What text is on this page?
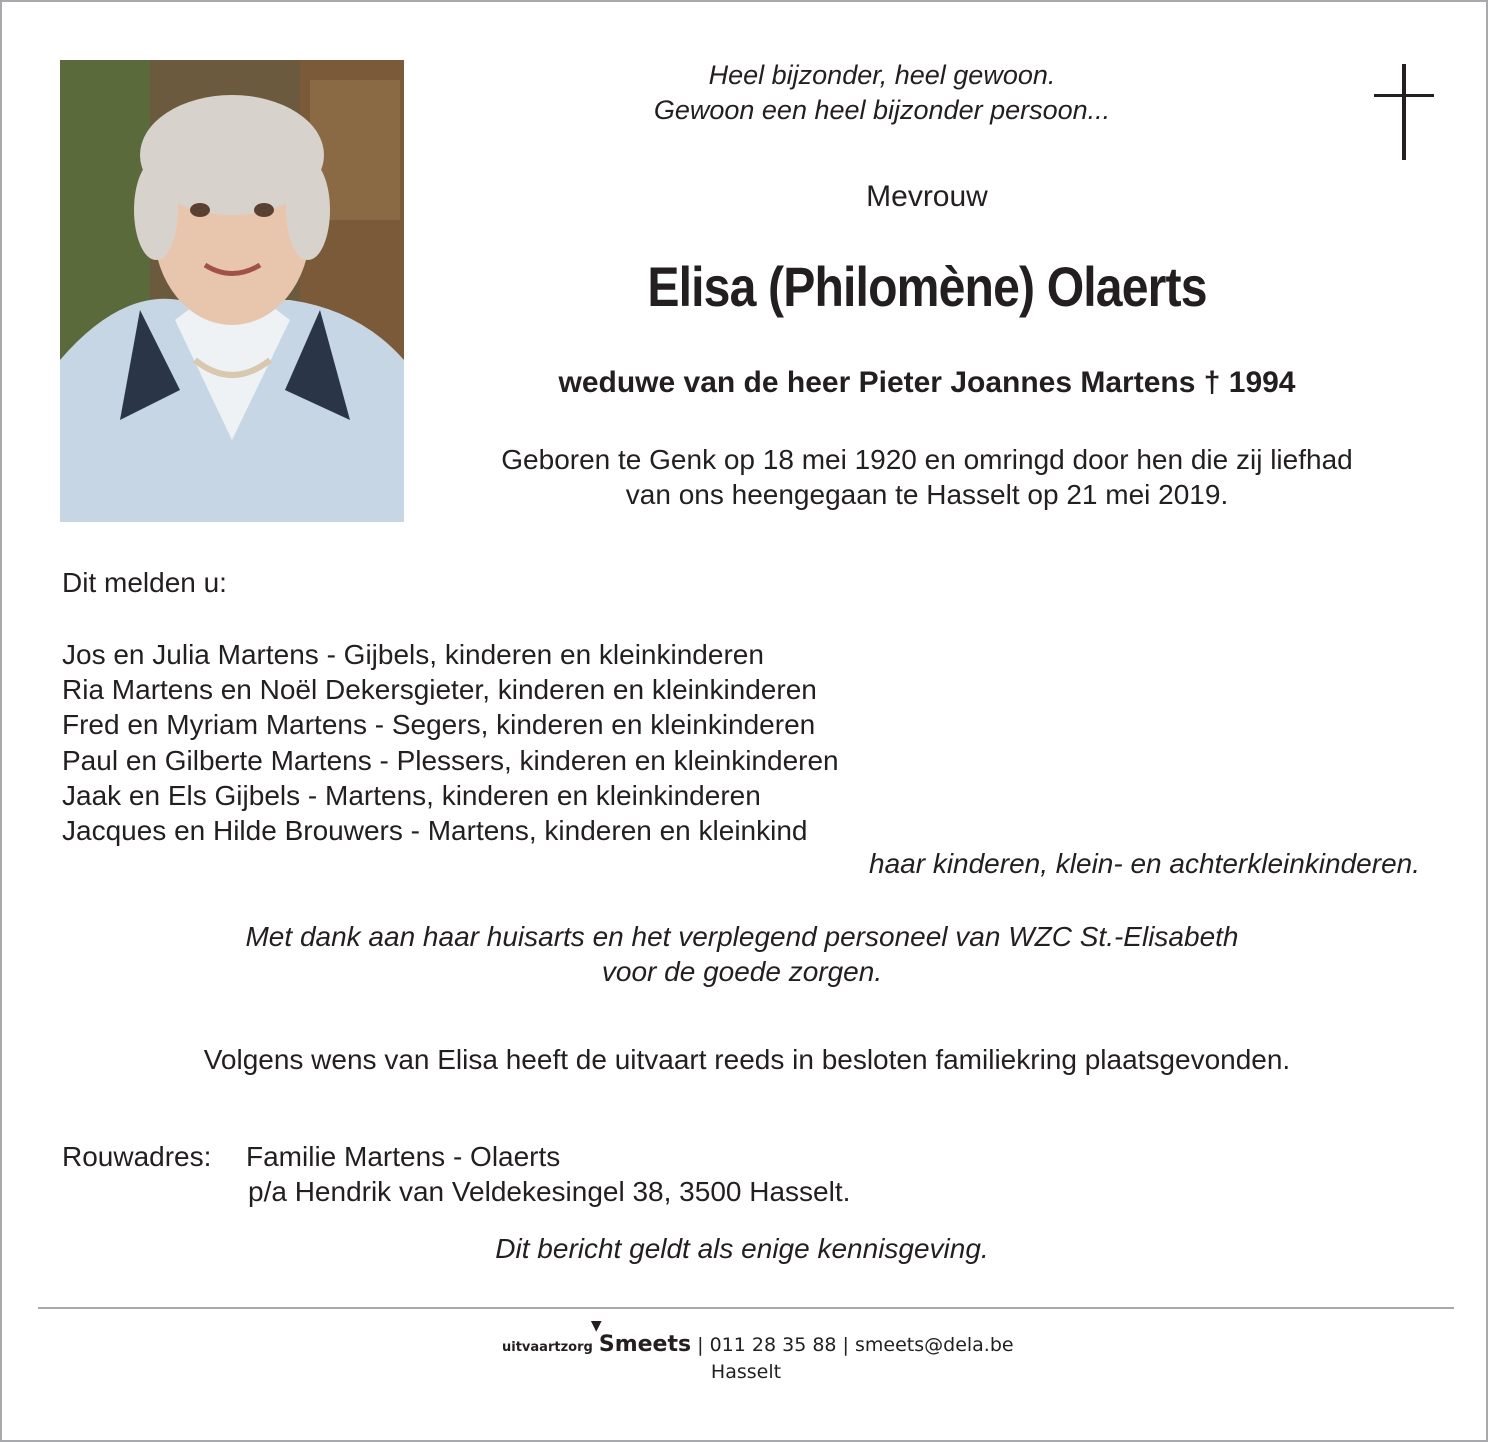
Heel bijzonder, heel gewoon.
Gewoon een heel bijzonder persoon...
Mevrouw
Elisa (Philomène) Olaerts
weduwe van de heer Pieter Joannes Martens † 1994
Geboren te Genk op 18 mei 1920 en omringd door hen die zij liefhad
van ons heengegaan te Hasselt op 21 mei 2019.
Dit melden u:
Jos en Julia Martens - Gijbels, kinderen en kleinkinderen
Ria Martens en Noël Dekersgieter, kinderen en kleinkinderen
Fred en Myriam Martens - Segers, kinderen en kleinkinderen
Paul en Gilberte Martens - Plessers, kinderen en kleinkinderen
Jaak en Els Gijbels - Martens, kinderen en kleinkinderen
Jacques en Hilde Brouwers - Martens, kinderen en kleinkind
haar kinderen, klein- en achterkleinkinderen.
Met dank aan haar huisarts en het verplegend personeel van WZC St.-Elisabeth
voor de goede zorgen.
Volgens wens van Elisa heeft de uitvaart reeds in besloten familiekring plaatsgevonden.
Rouwadres: Familie Martens - Olaerts
p/a Hendrik van Veldekesingel 38, 3500 Hasselt.
Dit bericht geldt als enige kennisgeving.
uitvaartzorg
▼
Smeets | 011 28 35 88 | smeets@dela.be
Hasselt
